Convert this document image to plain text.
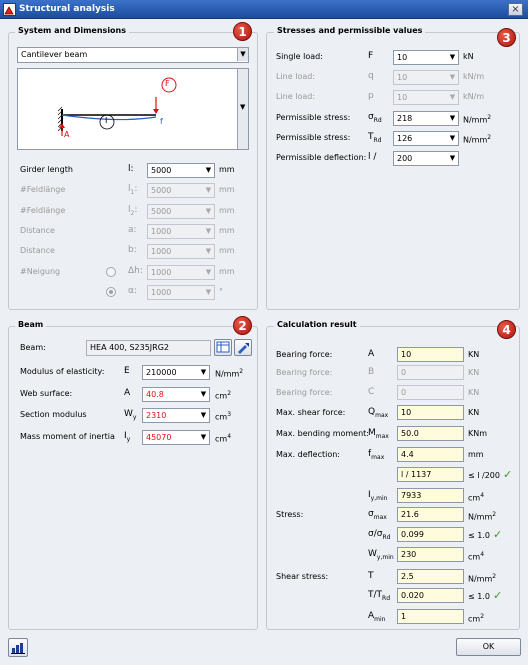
Structural analysis	×
System and Dimensions	1
Cantilever beam	▼
F
A
I	f
▼
Girder length	l: 5000	▼ mm
#Feldlänge	$l_1$: 5000	▼ mm
#Feldlänge	$l_2$: 5000	▼ mm
Distance	a: 1000	▼ mm
Distance	b: 1000	▼ mm
#Neigung	Δh: 1000	▼ mm
α: 1000	▼ °
Stresses and permissible values
3
Single load:	F	10	▼ kN
Line load:	q	10	▼ kN/m
Line load:	p	10	▼ kN/m
Permissible stress: $\sigma_{Rd}$ 218	▼ $N/mm^2$
Permissible stress: $T_{Rd}$ 126	▼ $N/mm^2$
Permissible deflection: l /	200	▼
Beam	2
Beam:	HEA 400, S235JRG2
Modulus of elasticity: E 210000	▼	$N/mm^2$
Web surface:	A 40.8	▼	$cm^2$
Section modulus	$W_y$ 2310	▼	$cm^3$
Mass moment of inertia $I_y$ 45070	▼	$cm^4$
Calculation result	4
Bearing force:	A	10	KN
Bearing force:	B	0	KN
Bearing force:	C	0	KN
Max. shear force:	$Q_{max}$ 10	KN
Max. bending moment: $M_{max}$ 50.0	KNm
Max. deflection:	$f_{max}$ 4.4	mm
l / 1137	≤ l /200 ✓
$I_{y,min}$ 7933	$cm^4$
Stress:	$\sigma_{max}$ 21.6	$N/mm^2$
$\sigma/\sigma_{Rd}$ 0.099	≤ 1.0 ✓
$W_{y,min}$ 230	$cm^4$
Shear stress:	T	2.5	$N/mm^2$
$T/T_{Rd}$ 0.020	≤ 1.0 ✓
$A_{min}$ 1	$cm^2$
OK
